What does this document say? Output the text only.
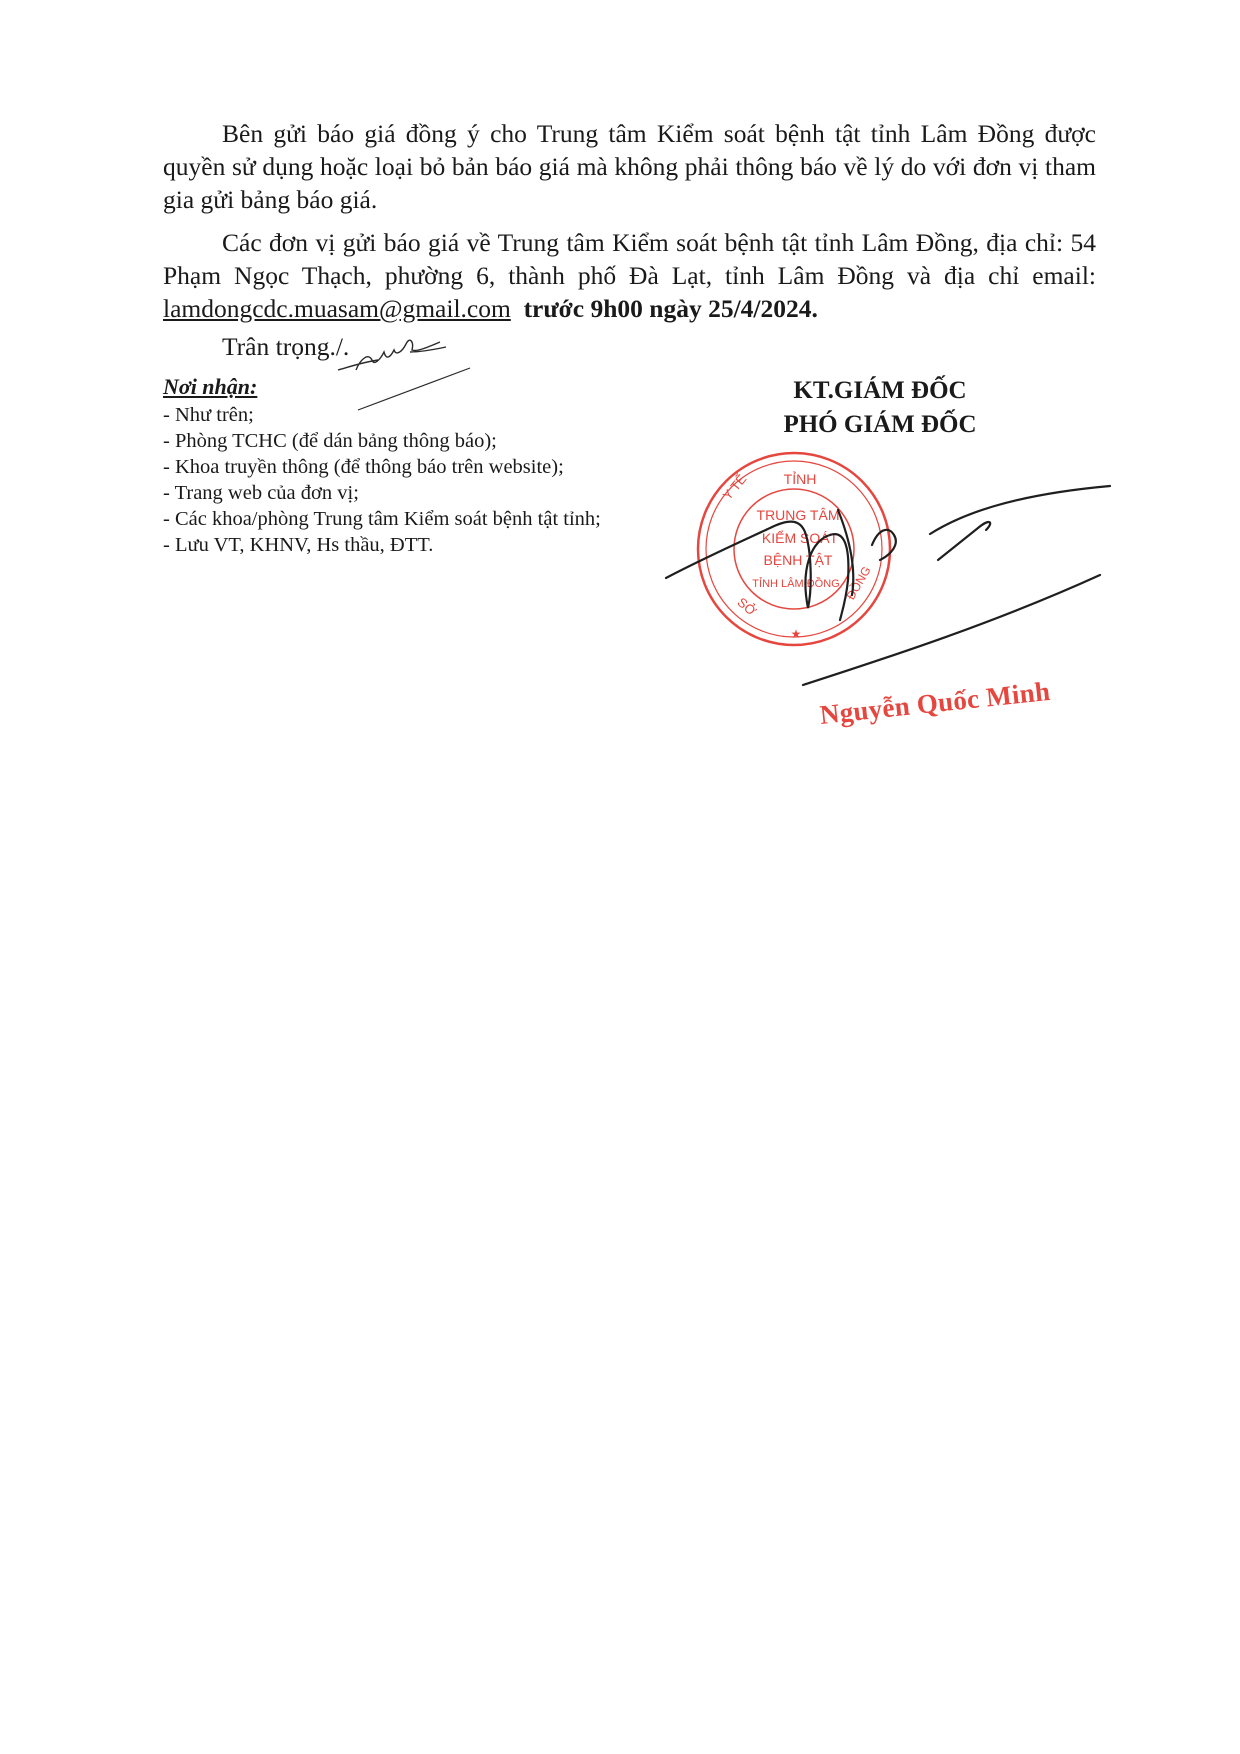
Bên gửi báo giá đồng ý cho Trung tâm Kiểm soát bệnh tật tỉnh Lâm Đồng được quyền sử dụng hoặc loại bỏ bản báo giá mà không phải thông báo về lý do với đơn vị tham gia gửi bảng báo giá.

Các đơn vị gửi báo giá về Trung tâm Kiểm soát bệnh tật tỉnh Lâm Đồng, địa chỉ: 54 Phạm Ngọc Thạch, phường 6, thành phố Đà Lạt, tỉnh Lâm Đồng và địa chỉ email: lamdongcdc.muasam@gmail.com trước 9h00 ngày 25/4/2024.

Trân trọng./.

Nơi nhận:
- Như trên;
- Phòng TCHC (để dán bảng thông báo);
- Khoa truyền thông (để thông báo trên website);
- Trang web của đơn vị;
- Các khoa/phòng Trung tâm Kiểm soát bệnh tật tỉnh;
- Lưu VT, KHNV, Hs thầu, ĐTT.
KT.GIÁM ĐỐC
PHÓ GIÁM ĐỐC
TỈNH
Y TẾ
SỞ
ĐỒNG
TRUNG TÂM
KIỂM SOÁT
BỆNH TẬT
TỈNH LÂM ĐỒNG
★
Nguyễn Quốc Minh
